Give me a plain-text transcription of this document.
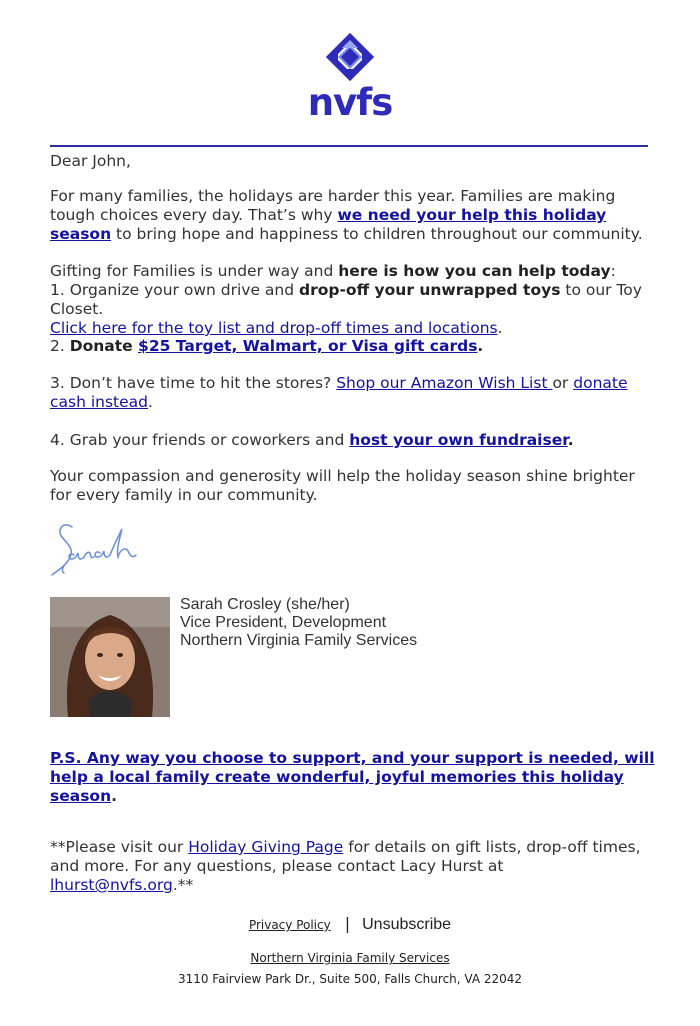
nvfs

Dear John,

For many families, the holidays are harder this year. Families are making tough choices every day. That’s why we need your help this holiday season to bring hope and happiness to children throughout our community.

Gifting for Families is under way and here is how you can help today:
1. Organize your own drive and drop-off your unwrapped toys to our Toy Closet.
Click here for the toy list and drop-off times and locations.

2. Donate $25 Target, Walmart, or Visa gift cards.

3. Don’t have time to hit the stores? Shop our Amazon Wish List or donate cash instead.

4. Grab your friends or coworkers and host your own fundraiser.

Your compassion and generosity will help the holiday season shine brighter for every family in our community.

Sarah Crosley (she/her)
Vice President, Development
Northern Virginia Family Services
P.S. Any way you choose to support, and your support is needed, will help a local family create wonderful, joyful memories this holiday season.
**Please visit our Holiday Giving Page for details on gift lists, drop-off times, and more. For any questions, please contact Lacy Hurst at lhurst@nvfs.org.**
Privacy Policy | Unsubscribe
Northern Virginia Family Services
3110 Fairview Park Dr., Suite 500, Falls Church, VA 22042
